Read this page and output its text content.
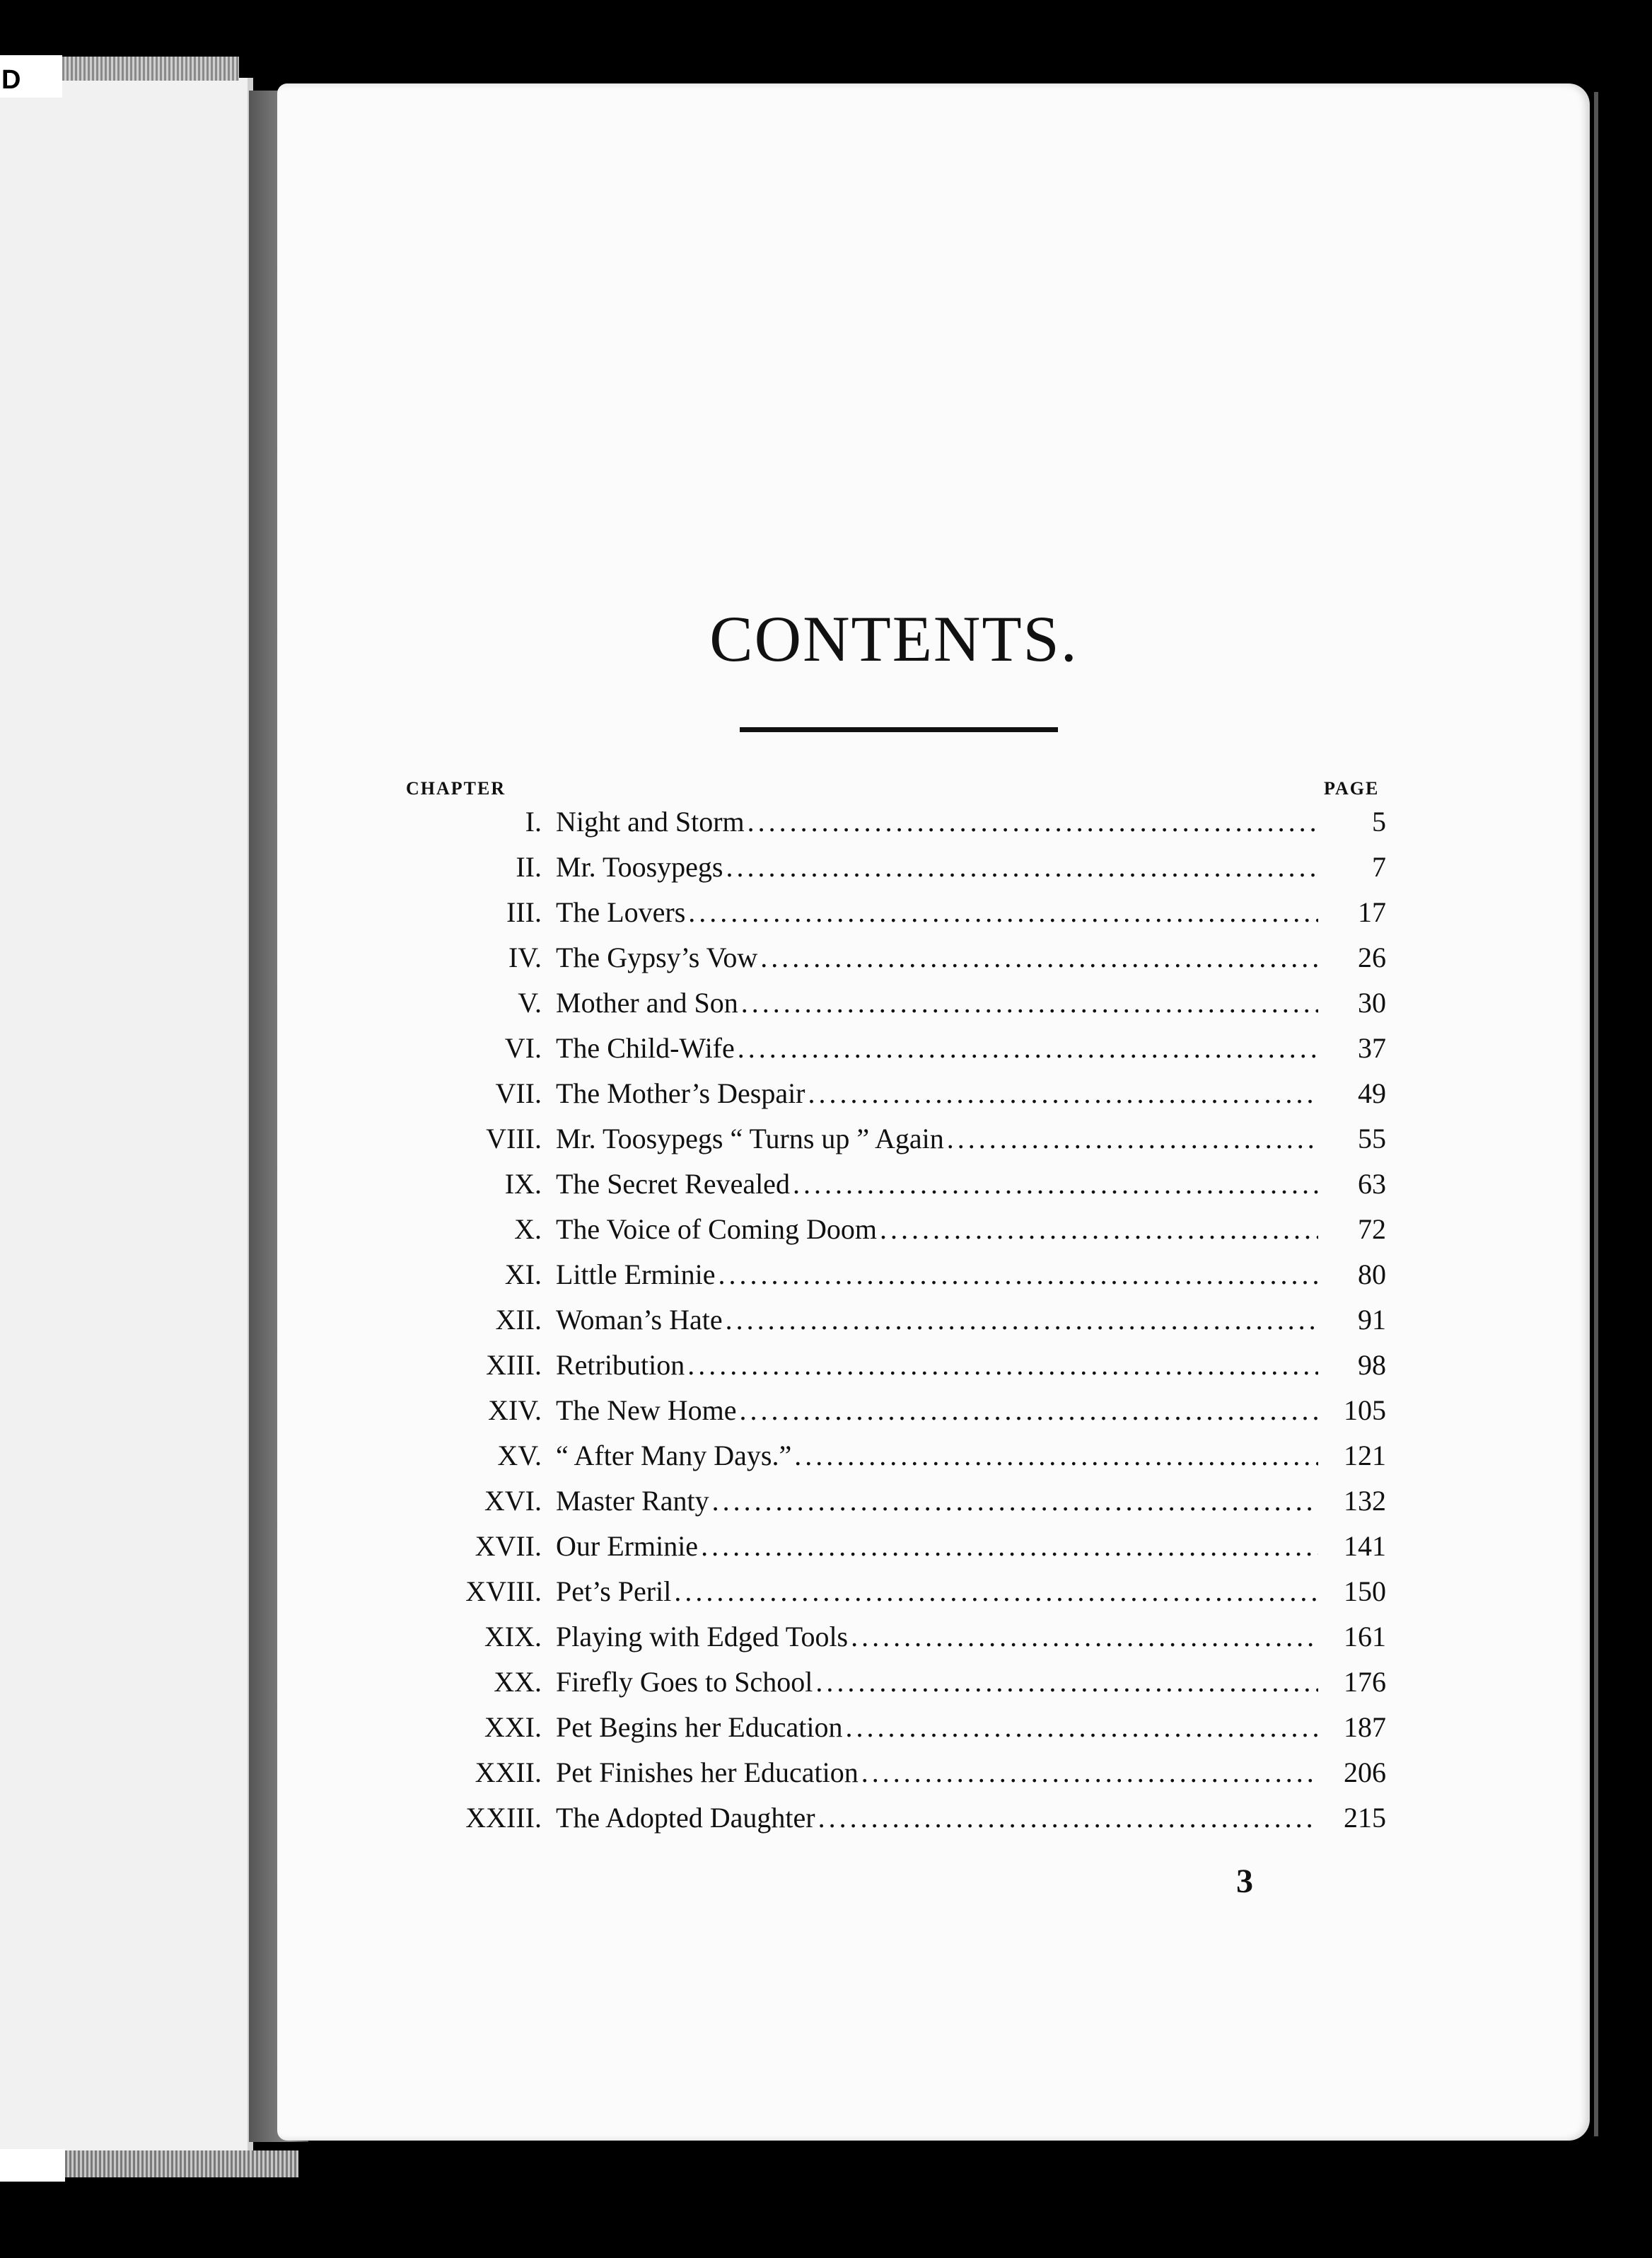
D
CONTENTS.
CHAPTER	PAGE
I. Night and Storm .....	5
II. Mr. Toosypegs .....	7
III. The Lovers .....	17
IV. The Gypsy’s Vow .....	26
V. Mother and Son .....	30
VI. The Child-Wife .....	37
VII. The Mother’s Despair .....	49
VIII. Mr. Toosypegs “ Turns up ” Again .....	55
IX. The Secret Revealed .....	63
X. The Voice of Coming Doom .....	72
XI. Little Erminie .....	80
XII. Woman’s Hate .....	91
XIII. Retribution .....	98
XIV. The New Home .....	105
XV. “ After Many Days.” .....	121
XVI. Master Ranty .....	132
XVII. Our Erminie .....	141
XVIII. Pet’s Peril .....	150
XIX. Playing with Edged Tools .....	161
XX. Firefly Goes to School .....	176
XXI. Pet Begins her Education .....	187
XXII. Pet Finishes her Education .....	206
XXIII. The Adopted Daughter .....	215
3
